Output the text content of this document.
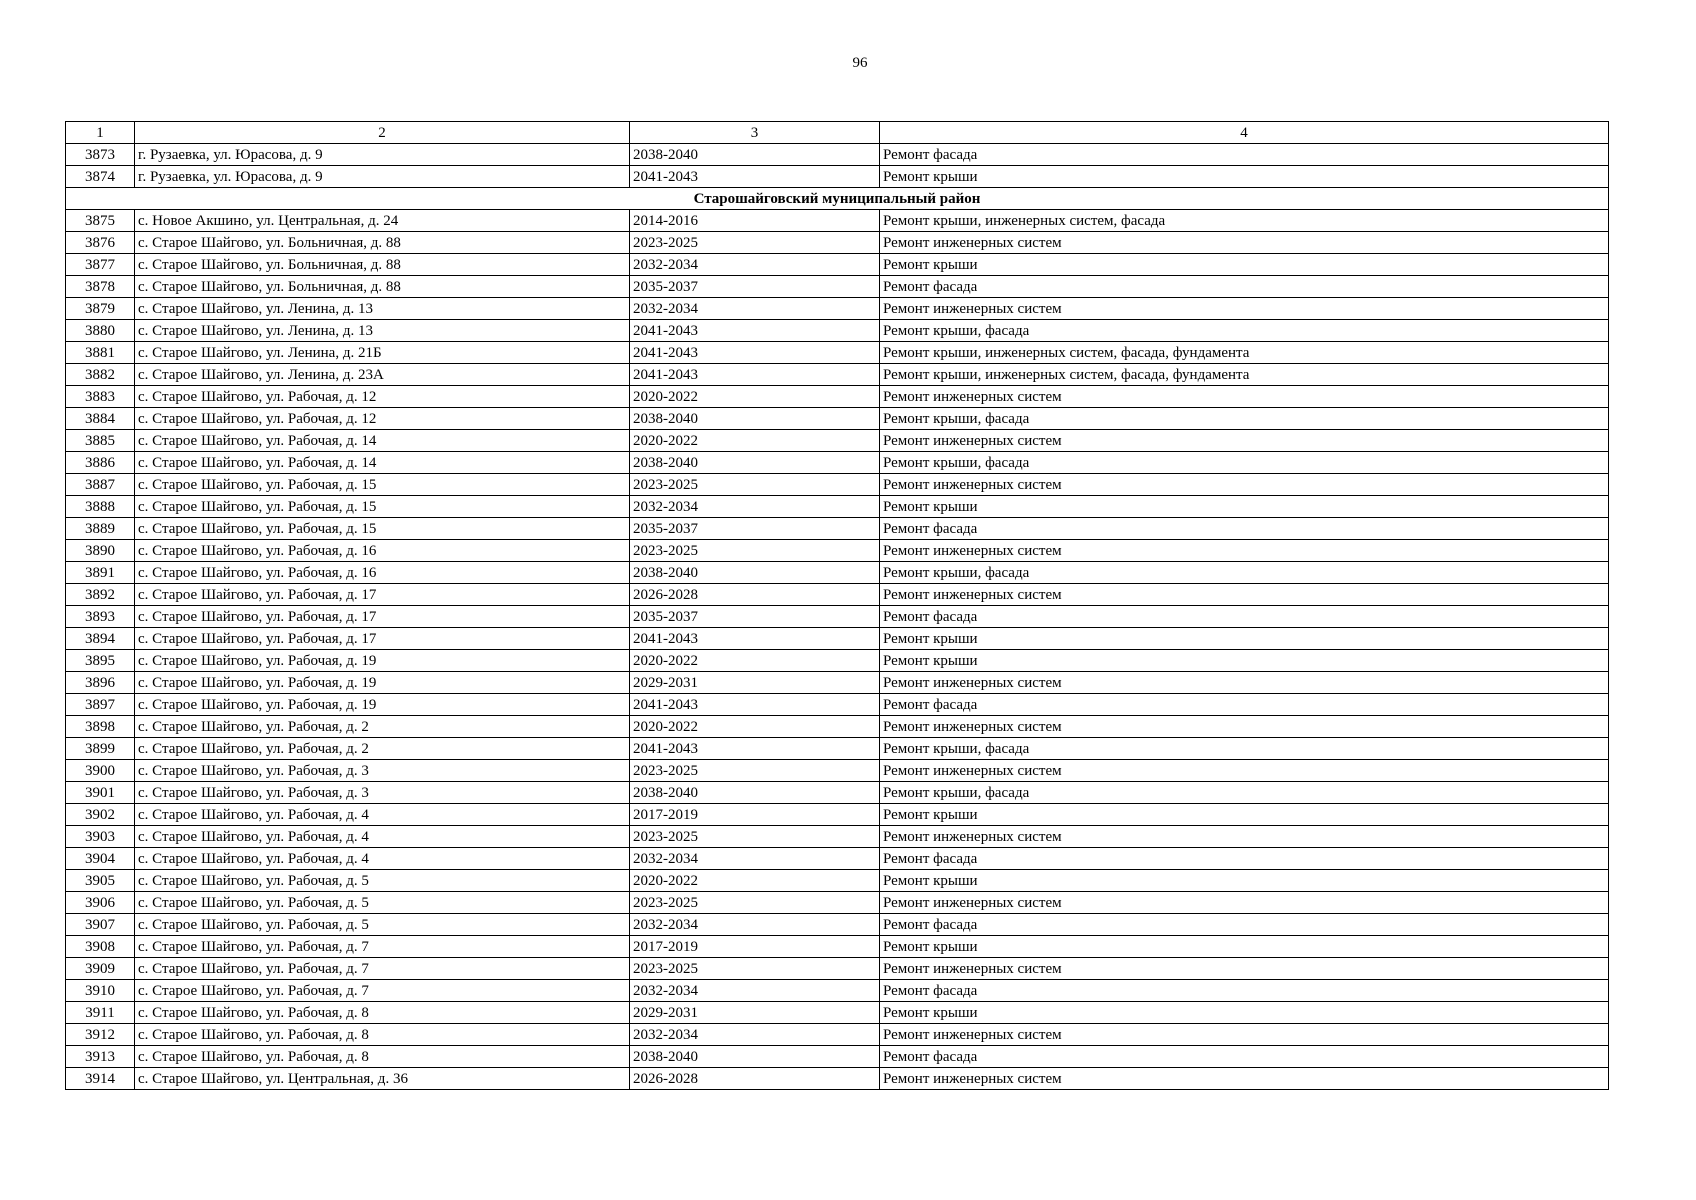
96
1	2	3	4
3873	г. Рузаевка, ул. Юрасова, д. 9	2038-2040	Ремонт фасада
3874	г. Рузаевка, ул. Юрасова, д. 9	2041-2043	Ремонт крыши
Старошайговский муниципальный район			
3875	с. Новое Акшино, ул. Центральная, д. 24	2014-2016	Ремонт крыши, инженерных систем, фасада
3876	с. Старое Шайгово, ул. Больничная, д. 88	2023-2025	Ремонт инженерных систем
3877	с. Старое Шайгово, ул. Больничная, д. 88	2032-2034	Ремонт крыши
3878	с. Старое Шайгово, ул. Больничная, д. 88	2035-2037	Ремонт фасада
3879	с. Старое Шайгово, ул. Ленина, д. 13	2032-2034	Ремонт инженерных систем
3880	с. Старое Шайгово, ул. Ленина, д. 13	2041-2043	Ремонт крыши, фасада
3881	с. Старое Шайгово, ул. Ленина, д. 21Б	2041-2043	Ремонт крыши, инженерных систем, фасада, фундамента
3882	с. Старое Шайгово, ул. Ленина, д. 23А	2041-2043	Ремонт крыши, инженерных систем, фасада, фундамента
3883	с. Старое Шайгово, ул. Рабочая, д. 12	2020-2022	Ремонт инженерных систем
3884	с. Старое Шайгово, ул. Рабочая, д. 12	2038-2040	Ремонт крыши, фасада
3885	с. Старое Шайгово, ул. Рабочая, д. 14	2020-2022	Ремонт инженерных систем
3886	с. Старое Шайгово, ул. Рабочая, д. 14	2038-2040	Ремонт крыши, фасада
3887	с. Старое Шайгово, ул. Рабочая, д. 15	2023-2025	Ремонт инженерных систем
3888	с. Старое Шайгово, ул. Рабочая, д. 15	2032-2034	Ремонт крыши
3889	с. Старое Шайгово, ул. Рабочая, д. 15	2035-2037	Ремонт фасада
3890	с. Старое Шайгово, ул. Рабочая, д. 16	2023-2025	Ремонт инженерных систем
3891	с. Старое Шайгово, ул. Рабочая, д. 16	2038-2040	Ремонт крыши, фасада
3892	с. Старое Шайгово, ул. Рабочая, д. 17	2026-2028	Ремонт инженерных систем
3893	с. Старое Шайгово, ул. Рабочая, д. 17	2035-2037	Ремонт фасада
3894	с. Старое Шайгово, ул. Рабочая, д. 17	2041-2043	Ремонт крыши
3895	с. Старое Шайгово, ул. Рабочая, д. 19	2020-2022	Ремонт крыши
3896	с. Старое Шайгово, ул. Рабочая, д. 19	2029-2031	Ремонт инженерных систем
3897	с. Старое Шайгово, ул. Рабочая, д. 19	2041-2043	Ремонт фасада
3898	с. Старое Шайгово, ул. Рабочая, д. 2	2020-2022	Ремонт инженерных систем
3899	с. Старое Шайгово, ул. Рабочая, д. 2	2041-2043	Ремонт крыши, фасада
3900	с. Старое Шайгово, ул. Рабочая, д. 3	2023-2025	Ремонт инженерных систем
3901	с. Старое Шайгово, ул. Рабочая, д. 3	2038-2040	Ремонт крыши, фасада
3902	с. Старое Шайгово, ул. Рабочая, д. 4	2017-2019	Ремонт крыши
3903	с. Старое Шайгово, ул. Рабочая, д. 4	2023-2025	Ремонт инженерных систем
3904	с. Старое Шайгово, ул. Рабочая, д. 4	2032-2034	Ремонт фасада
3905	с. Старое Шайгово, ул. Рабочая, д. 5	2020-2022	Ремонт крыши
3906	с. Старое Шайгово, ул. Рабочая, д. 5	2023-2025	Ремонт инженерных систем
3907	с. Старое Шайгово, ул. Рабочая, д. 5	2032-2034	Ремонт фасада
3908	с. Старое Шайгово, ул. Рабочая, д. 7	2017-2019	Ремонт крыши
3909	с. Старое Шайгово, ул. Рабочая, д. 7	2023-2025	Ремонт инженерных систем
3910	с. Старое Шайгово, ул. Рабочая, д. 7	2032-2034	Ремонт фасада
3911	с. Старое Шайгово, ул. Рабочая, д. 8	2029-2031	Ремонт крыши
3912	с. Старое Шайгово, ул. Рабочая, д. 8	2032-2034	Ремонт инженерных систем
3913	с. Старое Шайгово, ул. Рабочая, д. 8	2038-2040	Ремонт фасада
3914	с. Старое Шайгово, ул. Центральная, д. 36	2026-2028	Ремонт инженерных систем
